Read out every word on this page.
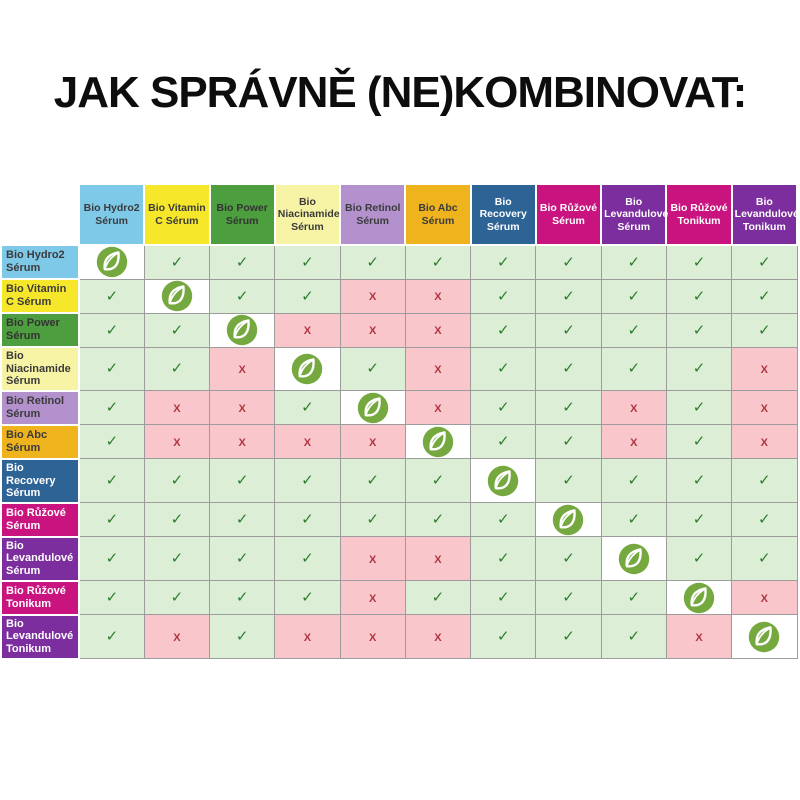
JAK SPRÁVNĚ (NE)KOMBINOVAT:
	Bio Hydro2 Sérum	Bio Vitamin C Sérum	Bio Power Sérum	Bio Niacinamide Sérum	Bio Retinol Sérum	Bio Abc Sérum	Bio Recovery Sérum	Bio Růžové Sérum	Bio Levandulové Sérum	Bio Růžové Tonikum	Bio Levandulové Tonikum
Bio Hydro2 Sérum		✓	✓	✓	✓	✓	✓	✓	✓	✓	✓
Bio Vitamin C Sérum	✓		✓	✓	X	X	✓	✓	✓	✓	✓
Bio Power Sérum	✓	✓		X	X	X	✓	✓	✓	✓	✓
Bio Niacinamide Sérum	✓	✓	X		✓	X	✓	✓	✓	✓	X
Bio Retinol Sérum	✓	X	X	✓		X	✓	✓	X	✓	X
Bio Abc Sérum	✓	X	X	X	X		✓	✓	X	✓	X
Bio Recovery Sérum	✓	✓	✓	✓	✓	✓		✓	✓	✓	✓
Bio Růžové Sérum	✓	✓	✓	✓	✓	✓	✓		✓	✓	✓
Bio Levandulové Sérum	✓	✓	✓	✓	X	X	✓	✓		✓	✓
Bio Růžové Tonikum	✓	✓	✓	✓	X	✓	✓	✓	✓		X
Bio Levandulové Tonikum	✓	X	✓	X	X	X	✓	✓	✓	X	
